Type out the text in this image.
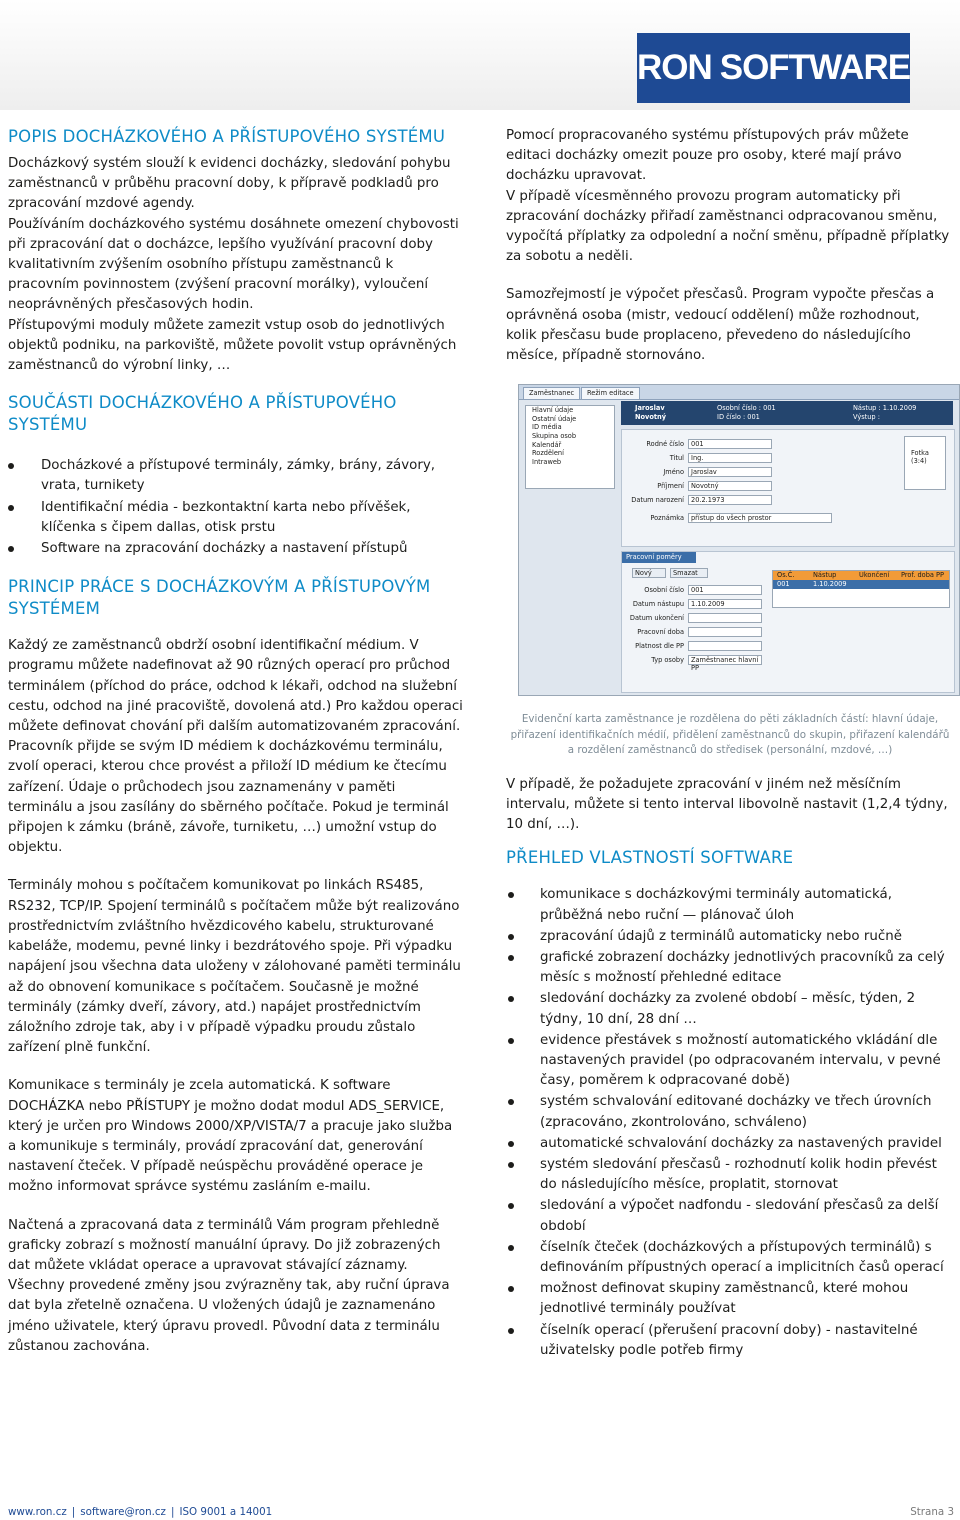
RON SOFTWARE
POPIS DOCHÁZKOVÉHO A PŘÍSTUPOVÉHO SYSTÉMU

Docházkový systém slouží k evidenci docházky, sledování pohybu zaměstnanců v průběhu pracovní doby, k přípravě podkladů pro zpracování mzdové agendy.

Používáním docházkového systému dosáhnete omezení chybovosti při zpracování dat o docházce, lepšího využívání pracovní doby kvalitativním zvýšením osobního přístupu zaměstnanců k pracovním povinnostem (zvýšení pracovní morálky), vyloučení neoprávněných přesčasových hodin.

Přístupovými moduly můžete zamezit vstup osob do jednotlivých objektů podniku, na parkoviště, můžete povolit vstup oprávněných zaměstnanců do výrobní linky, …

SOUČÁSTI DOCHÁZKOVÉHO A PŘÍSTUPOVÉHO SYSTÉMU
Docházkové a přístupové terminály, zámky, brány, závory, vrata, turnikety
Identifikační média - bezkontaktní karta nebo přívěšek, klíčenka s čipem dallas, otisk prstu
Software na zpracování docházky a nastavení přístupů
PRINCIP PRÁCE S DOCHÁZKOVÝM A PŘÍSTUPOVÝM SYSTÉMEM

Každý ze zaměstnanců obdrží osobní identifikační médium. V programu můžete nadefinovat až 90 různých operací pro průchod terminálem (příchod do práce, odchod k lékaři, odchod na služební cestu, odchod na jiné pracoviště, dovolená atd.) Pro každou operaci můžete definovat chování při dalším automatizovaném zpracování.

Pracovník přijde se svým ID médiem k docházkovému terminálu, zvolí operaci, kterou chce provést a přiloží ID médium ke čtecímu zařízení. Údaje o průchodech jsou zaznamenány v paměti terminálu a jsou zasílány do sběrného počítače. Pokud je terminál připojen k zámku (bráně, závoře, turniketu, …) umožní vstup do objektu.

Terminály mohou s počítačem komunikovat po linkách RS485, RS232, TCP/IP. Spojení terminálů s počítačem může být realizováno prostřednictvím zvláštního hvězdicového kabelu, strukturované kabeláže, modemu, pevné linky i bezdrátového spoje. Při výpadku napájení jsou všechna data uloženy v zálohované paměti terminálu až do obnovení komunikace s počítačem. Současně je možné terminály (zámky dveří, závory, atd.) napájet prostřednictvím záložního zdroje tak, aby i v případě výpadku proudu zůstalo zařízení plně funkční.

Komunikace s terminály je zcela automatická. K software DOCHÁZKA nebo PŘÍSTUPY je možno dodat modul ADS_SERVICE, který je určen pro Windows 2000/XP/VISTA/7 a pracuje jako služba a komunikuje s terminály, provádí zpracování dat, generování nastavení čteček. V případě neúspěchu prováděné operace je možno informovat správce systému zasláním e-mailu.

Načtená a zpracovaná data z terminálů Vám program přehledně graficky zobrazí s možností manuální úpravy. Do již zobrazených dat můžete vkládat operace a upravovat stávající záznamy. Všechny provedené změny jsou zvýrazněny tak, aby ruční úprava dat byla zřetelně označena. U vložených údajů je zaznamenáno jméno uživatele, který úpravu provedl. Původní data z terminálu zůstanou zachována.

Pomocí propracovaného systému přístupových práv můžete editaci docházky omezit pouze pro osoby, které mají právo docházku upravovat.

V případě vícesměnného provozu program automaticky při zpracování docházky přiřadí zaměstnanci odpracovanou směnu, vypočítá příplatky za odpolední a noční směnu, případně příplatky za sobotu a neděli.

Samozřejmostí je výpočet přesčasů. Program vypočte přesčas a oprávněná osoba (mistr, vedoucí oddělení) může rozhodnout, kolik přesčasu bude proplaceno, převedeno do následujícího měsíce, případně stornováno.

Zaměstnanec	Režim editace
Hlavní údaje
Ostatní údaje
ID média
Skupina osob
Kalendář
Rozdělení
Intraweb
Jaroslav
Novotný
Osobní číslo : 001
ID číslo : 001
Nástup : 1.10.2009
Výstup :
Rodné číslo	001
Titul	Ing.
Jméno	Jaroslav
Příjmení	Novotný
Datum narození	20.2.1973
Poznámka	přístup do všech prostor
Fotka (3:4)
Pracovní poměry
Nový	Smazat
Osobní číslo	001
Datum nástupu	1.10.2009
Datum ukončení
Pracovní doba
Platnost dle PP
Typ osoby	Zaměstnanec hlavní PP
Os.Č.	Nástup	Ukončení Prof. doba PP
001	1.10.2009
Evidenční karta zaměstnance je rozdělena do pěti základních částí: hlavní údaje, přiřazení identifikačních médií, přidělení zaměstnanců do skupin, přiřazení kalendářů a rozdělení zaměstnanců do středisek (personální, mzdové, …)

V případě, že požadujete zpracování v jiném než měsíčním intervalu, můžete si tento interval libovolně nastavit (1,2,4 týdny, 10 dní, …).

PŘEHLED VLASTNOSTÍ SOFTWARE
komunikace s docházkovými terminály automatická, průběžná nebo ruční — plánovač úloh
zpracování údajů z terminálů automaticky nebo ručně
grafické zobrazení docházky jednotlivých pracovníků za celý měsíc s možností přehledné editace
sledování docházky za zvolené období – měsíc, týden, 2 týdny, 10 dní, 28 dní …
evidence přestávek s možností automatického vkládání dle nastavených pravidel (po odpracovaném intervalu, v pevné časy, poměrem k odpracované době)
systém schvalování editované docházky ve třech úrovních (zpracováno, zkontrolováno, schváleno)
automatické schvalování docházky za nastavených pravidel
systém sledování přesčasů - rozhodnutí kolik hodin převést do následujícího měsíce, proplatit, stornovat
sledování a výpočet nadfondu - sledování přesčasů za delší období
číselník čteček (docházkových a přístupových terminálů) s definováním přípustných operací a implicitních časů operací
možnost definovat skupiny zaměstnanců, které mohou jednotlivé terminály používat
číselník operací (přerušení pracovní doby) - nastavitelné uživatelsky podle potřeb firmy
www.ron.cz | software@ron.cz | ISO 9001 a 14001	Strana 3
